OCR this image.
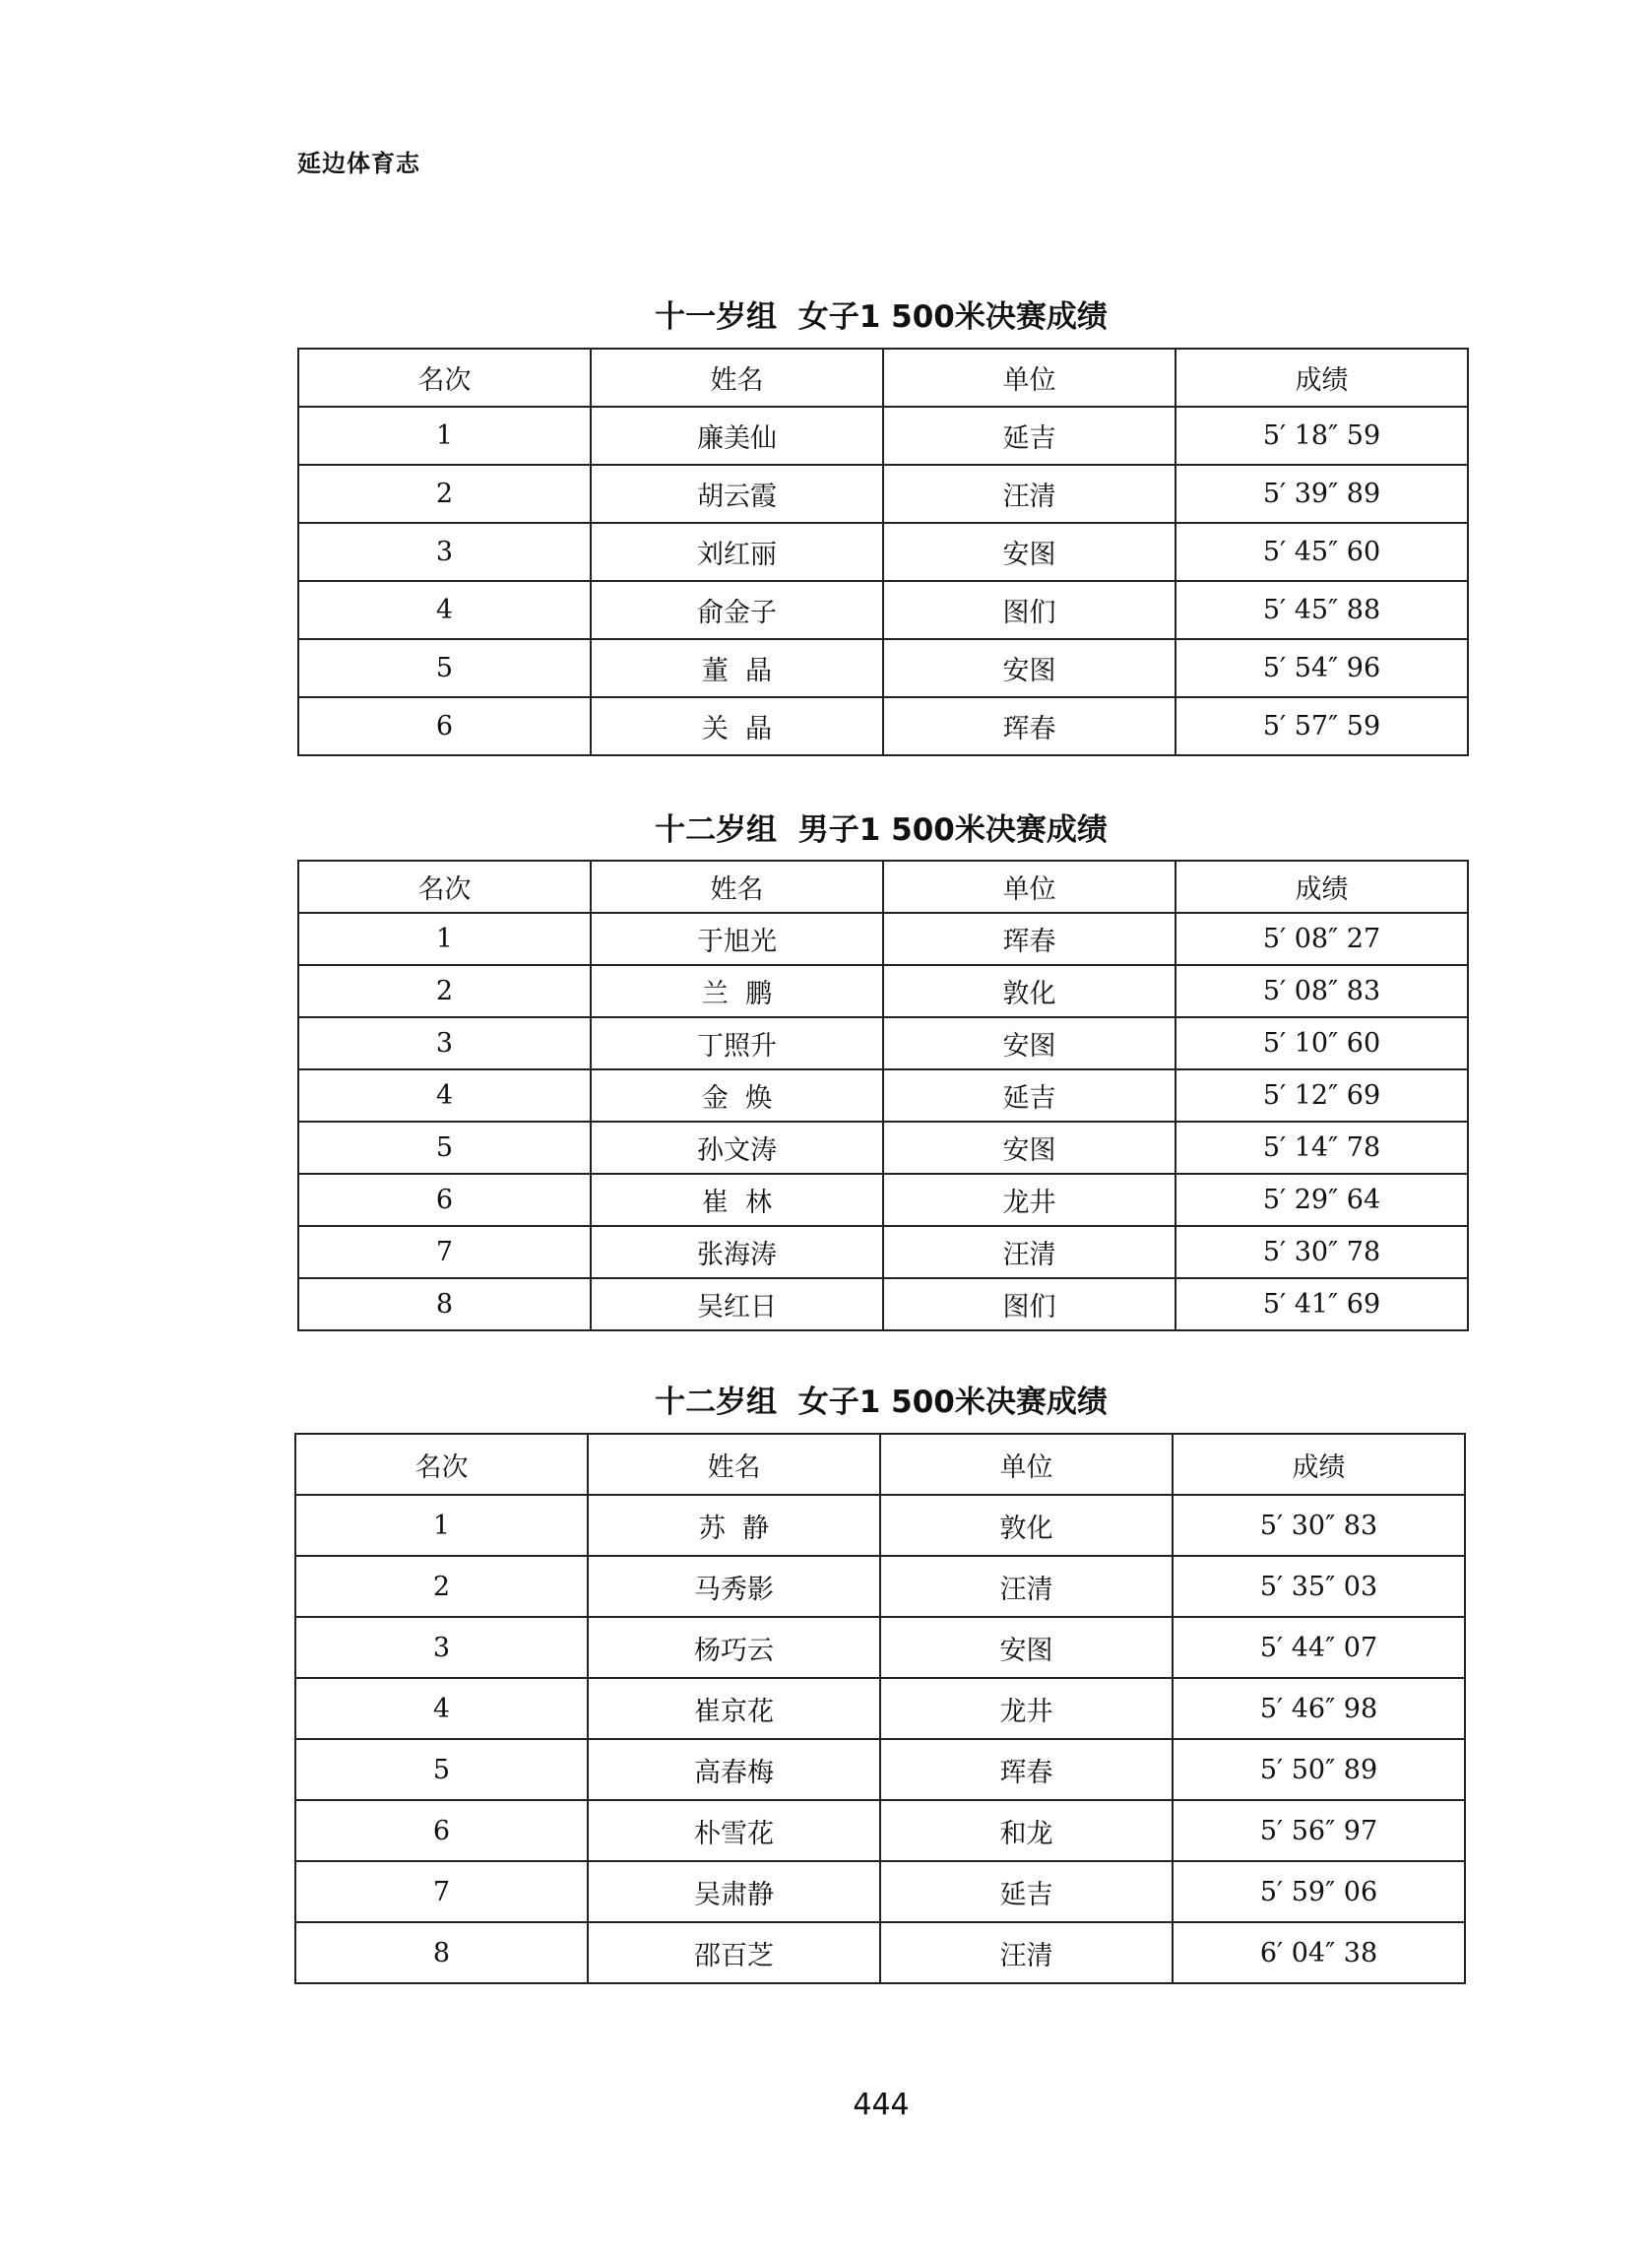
延边体育志
十一岁组  女子1 500米决赛成绩
名次	姓名	单位	成绩
1	廉美仙	延吉	5′ 18″ 59
2	胡云霞	汪清	5′ 39″ 89
3	刘红丽	安图	5′ 45″ 60
4	俞金子	图们	5′ 45″ 88
5	董  晶	安图	5′ 54″ 96
6	关  晶	珲春	5′ 57″ 59
十二岁组  男子1 500米决赛成绩
名次	姓名	单位	成绩
1	于旭光	珲春	5′ 08″ 27
2	兰  鹏	敦化	5′ 08″ 83
3	丁照升	安图	5′ 10″ 60
4	金  焕	延吉	5′ 12″ 69
5	孙文涛	安图	5′ 14″ 78
6	崔  林	龙井	5′ 29″ 64
7	张海涛	汪清	5′ 30″ 78
8	吴红日	图们	5′ 41″ 69
十二岁组  女子1 500米决赛成绩
名次	姓名	单位	成绩
1	苏  静	敦化	5′ 30″ 83
2	马秀影	汪清	5′ 35″ 03
3	杨巧云	安图	5′ 44″ 07
4	崔京花	龙井	5′ 46″ 98
5	高春梅	珲春	5′ 50″ 89
6	朴雪花	和龙	5′ 56″ 97
7	吴肃静	延吉	5′ 59″ 06
8	邵百芝	汪清	6′ 04″ 38
444
